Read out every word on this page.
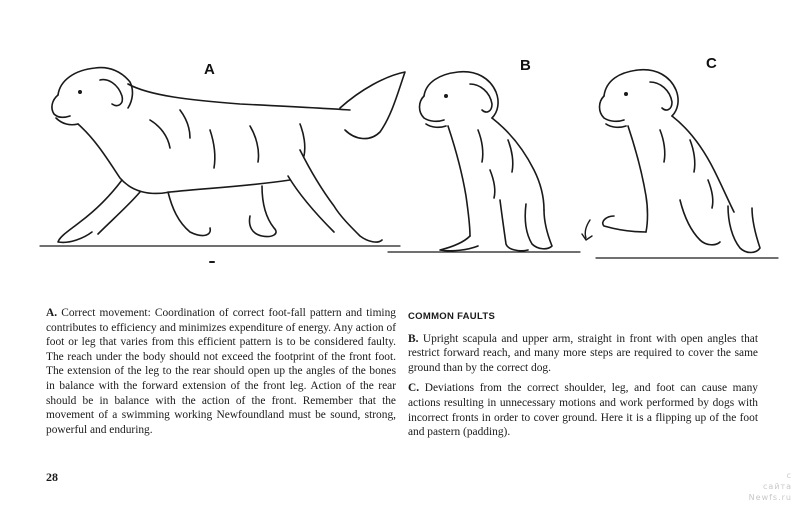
A	B	C
A. Correct movement: Coordination of correct foot-fall pattern and timing contributes to efficiency and minimizes expenditure of energy. Any action of foot or leg that varies from this efficient pattern is to be considered faulty. The reach under the body should not exceed the footprint of the front foot. The extension of the leg to the rear should open up the angles of the bones in balance with the forward extension of the front leg. Action of the rear should be in balance with the action of the front. Remember that the movement of a swimming working Newfoundland must be sound, strong, powerful and enduring.
COMMON FAULTS

B. Upright scapula and upper arm, straight in front with open angles that restrict forward reach, and many more steps are required to cover the same ground than by the correct dog.

C. Deviations from the correct shoulder, leg, and foot can cause many actions resulting in unnecessary motions and work performed by dogs with incorrect fronts in order to cover ground. Here it is a flipping up of the foot and pastern (padding).

28	с
сайта
Newfs.ru
